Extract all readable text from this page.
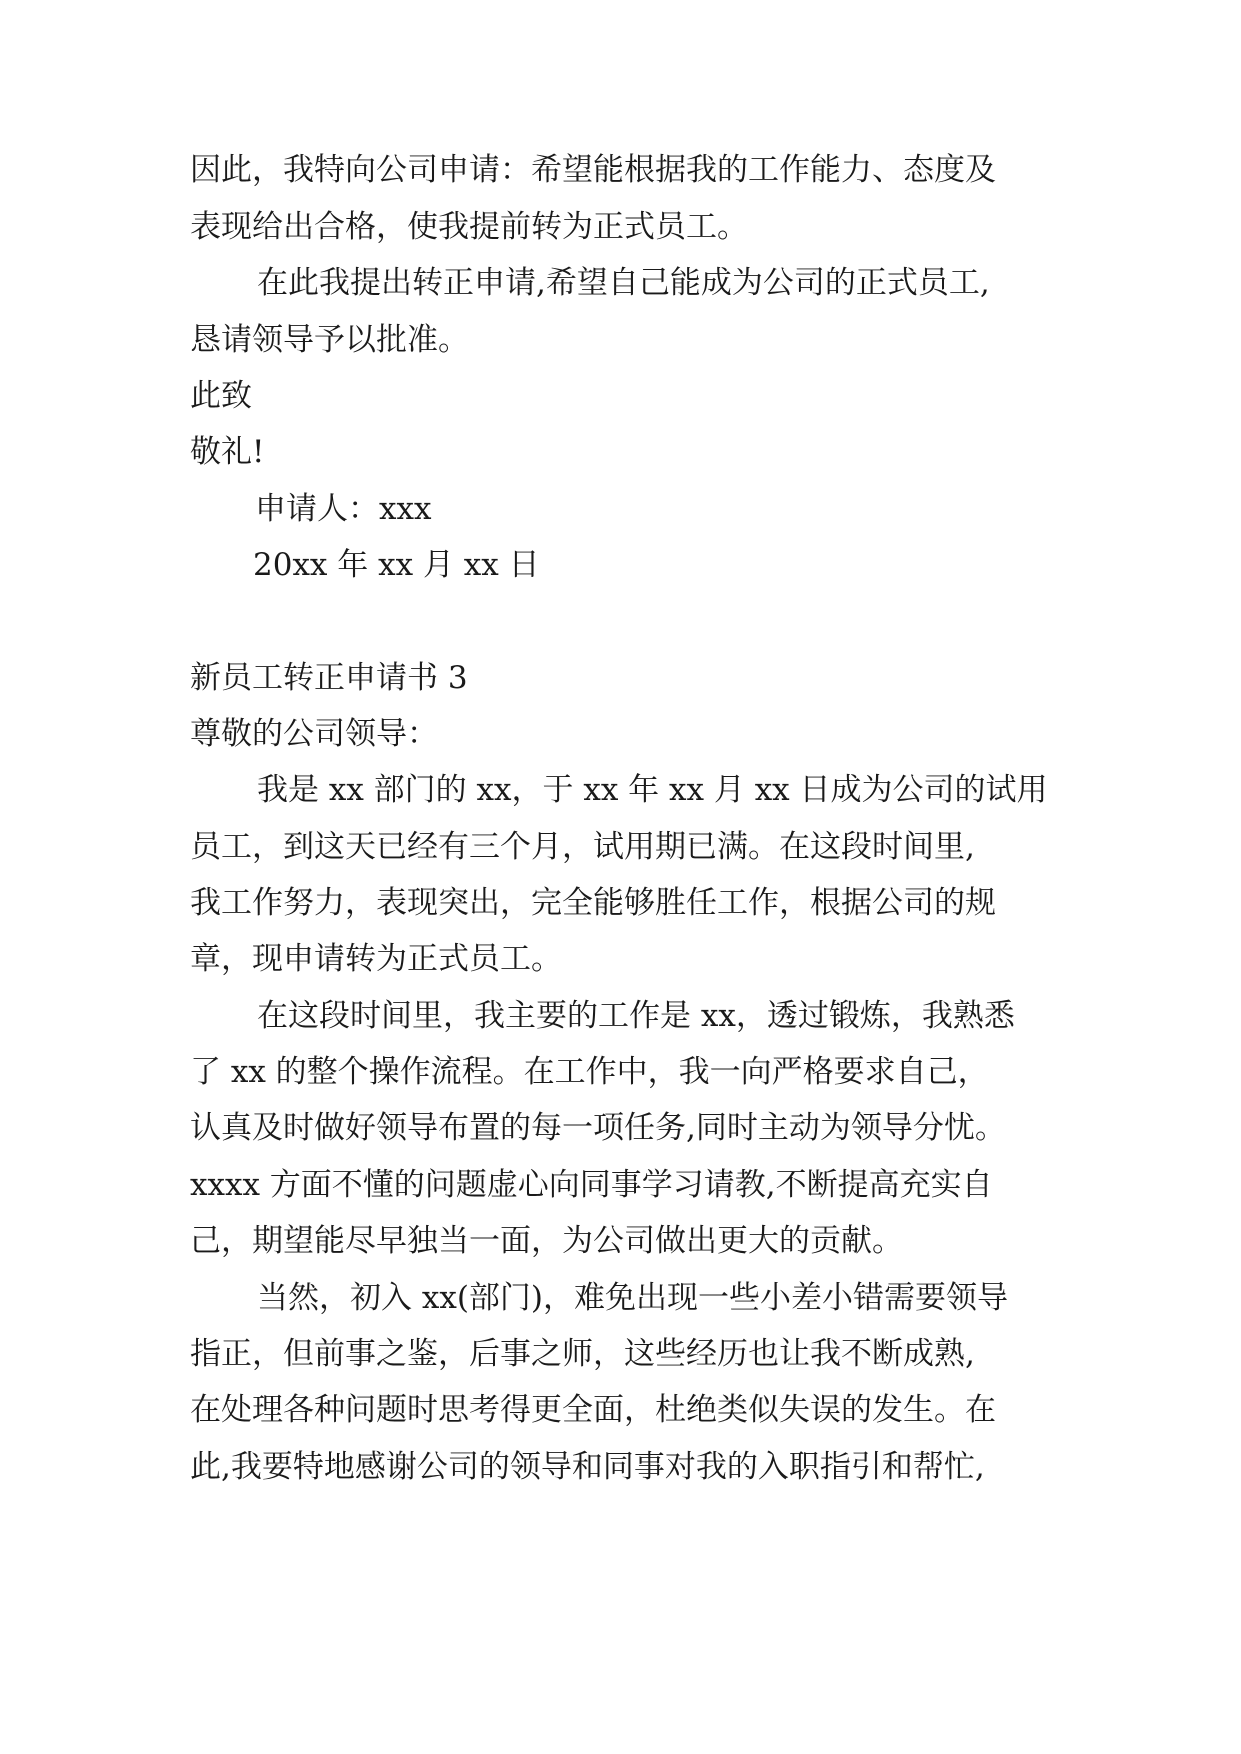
因此，我特向公司申请：希望能根据我的工作能力、态度及
表现给出合格，使我提前转为正式员工。
在此我提出转正申请,希望自己能成为公司的正式员工,
恳请领导予以批准。
此致
敬礼!
申请人：xxx
20xx 年 xx 月 xx 日
新员工转正申请书 3
尊敬的公司领导：
我是 xx 部门的 xx，于 xx 年 xx 月 xx 日成为公司的试用
员工，到这天已经有三个月，试用期已满。在这段时间里,
我工作努力，表现突出，完全能够胜任工作，根据公司的规
章，现申请转为正式员工。
在这段时间里，我主要的工作是 xx，透过锻炼，我熟悉
了 xx 的整个操作流程。在工作中，我一向严格要求自己，
认真及时做好领导布置的每一项任务,同时主动为领导分忧。
xxxx 方面不懂的问题虚心向同事学习请教,不断提高充实自
己，期望能尽早独当一面，为公司做出更大的贡献。
当然，初入 xx(部门)，难免出现一些小差小错需要领导
指正，但前事之鉴，后事之师，这些经历也让我不断成熟,
在处理各种问题时思考得更全面，杜绝类似失误的发生。在
此,我要特地感谢公司的领导和同事对我的入职指引和帮忙,
